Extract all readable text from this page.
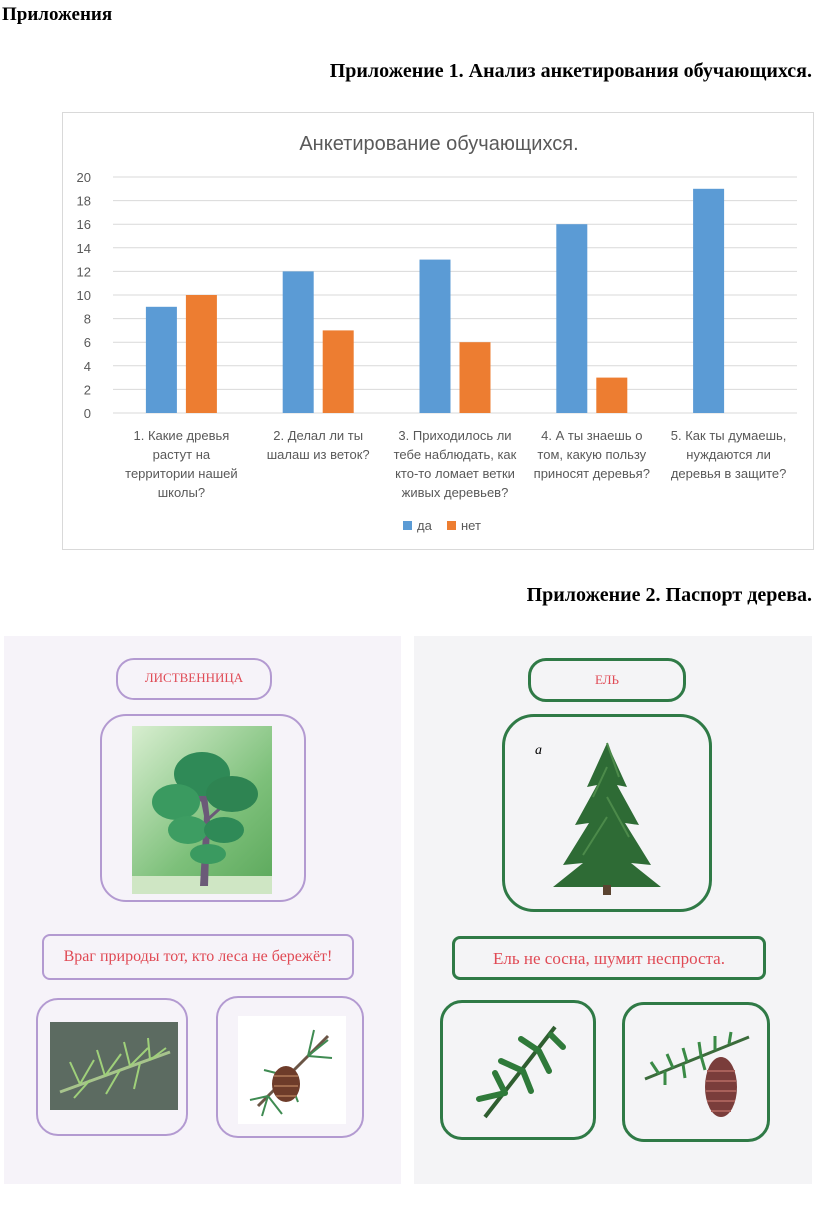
Приложения
Приложение 1. Анализ анкетирования обучающихся.
Анкетирование обучающихся.
0
2
4
6
8
10
12
14
16
18
20
1. Какие древья растут на территории нашей школы?
2. Делал ли ты шалаш из веток?
3. Приходилось ли тебе наблюдать, как кто-то ломает ветки живых деревьев?
4. А ты знаешь о том, какую пользу приносят деревья?
5. Как ты думаешь, нуждаются ли деревья в защите?
да нет
Приложение 2. Паспорт дерева.
ЛИСТВЕННИЦА
Враг природы тот, кто леса не бережёт!
ЕЛЬ
а
Ель не сосна, шумит неспроста.
